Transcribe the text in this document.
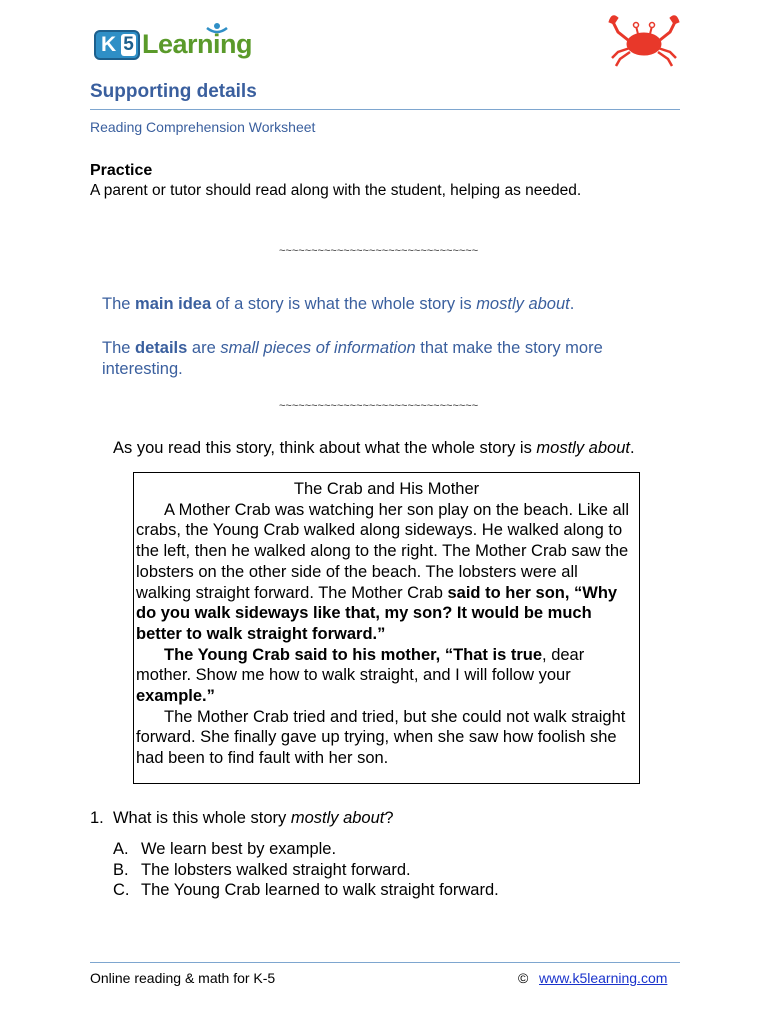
K 5 Learning
Supporting details
Reading Comprehension Worksheet
Practice
A parent or tutor should read along with the student, helping as needed.
~~~~~~~~~~~~~~~~~~~~~~~~~~~~~~~
The main idea of a story is what the whole story is mostly about.
The details are small pieces of information that make the story more interesting.
~~~~~~~~~~~~~~~~~~~~~~~~~~~~~~~
As you read this story, think about what the whole story is mostly about.

The Crab and His Mother

A Mother Crab was watching her son play on the beach. Like all crabs, the Young Crab walked along sideways. He walked along to the left, then he walked along to the right. The Mother Crab saw the lobsters on the other side of the beach. The lobsters were all walking straight forward. The Mother Crab said to her son, “Why do you walk sideways like that, my son? It would be much better to walk straight forward.”

The Young Crab said to his mother, “That is true, dear mother. Show me how to walk straight, and I will follow your example.”

The Mother Crab tried and tried, but she could not walk straight forward. She finally gave up trying, when she saw how foolish she had been to find fault with her son.

1. What is this whole story mostly about?
A. We learn best by example.
B. The lobsters walked straight forward.
C. The Young Crab learned to walk straight forward.
Online reading & math for K-5	© www.k5learning.com
